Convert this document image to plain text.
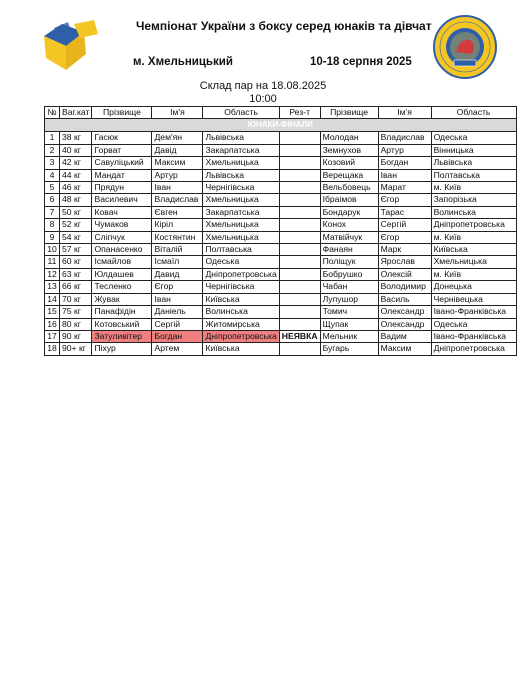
Чемпіонат України з боксу серед юнаків та дівчат
м. Хмельницький	10-18 серпня 2025
Склад пар на 18.08.2025
10:00
№	Ваг.кат	Прізвище	Ім'я	Область	Рез-т	Прізвище	Ім'я	Область
ЮНАКИ-ФІНАЛИ								
1	38 кг	Гасюк	Дем'ян	Львівська		Молодан	Владислав	Одеська
2	40 кг	Горват	Давід	Закарпатська		Земнухов	Артур	Вінницька
3	42 кг	Савуліцький	Максим	Хмельницька		Козовий	Богдан	Львівська
4	44 кг	Мандат	Артур	Львівська		Верещака	Іван	Полтавська
5	46 кг	Прядун	Іван	Чернігівська		Вельбовець	Марат	м. Київ
6	48 кг	Василевич	Владислав	Хмельницька		Ібраімов	Єгор	Запорізька
7	50 кг	Ковач	Євген	Закарпатська		Бондарук	Тарас	Волинська
8	52 кг	Чумаков	Кіріл	Хмельницька		Конох	Сергій	Дніпропетровська
9	54 кг	Сліпчук	Костянтин	Хмельницька		Матвійчук	Єгор	м. Київ
10	57 кг	Опанасенко	Віталій	Полтавська		Фанаян	Марк	Київська
11	60 кг	Ісмайлов	Ісмаїл	Одеська		Поліщук	Ярослав	Хмельницька
12	63 кг	Юлдашев	Давид	Дніпропетровська		Бобрушко	Олексій	м. Київ
13	66 кг	Тесленко	Єгор	Чернігівська		Чабан	Володимир	Донецька
14	70 кг	Жувак	Іван	Київська		Лупушор	Василь	Чернівецька
15	75 кг	Панафідін	Даніель	Волинська		Томич	Олександр	Івано-Франківська
16	80 кг	Котовський	Сергій	Житомирська		Щупак	Олександр	Одеська
17	90 кг	Затуливітер	Богдан	Дніпропетровська	НЕЯВКА	Мельник	Вадим	Івано-Франківська
18	90+ кг	Піхур	Артем	Київська		Бугарь	Максим	Дніпропетровська
